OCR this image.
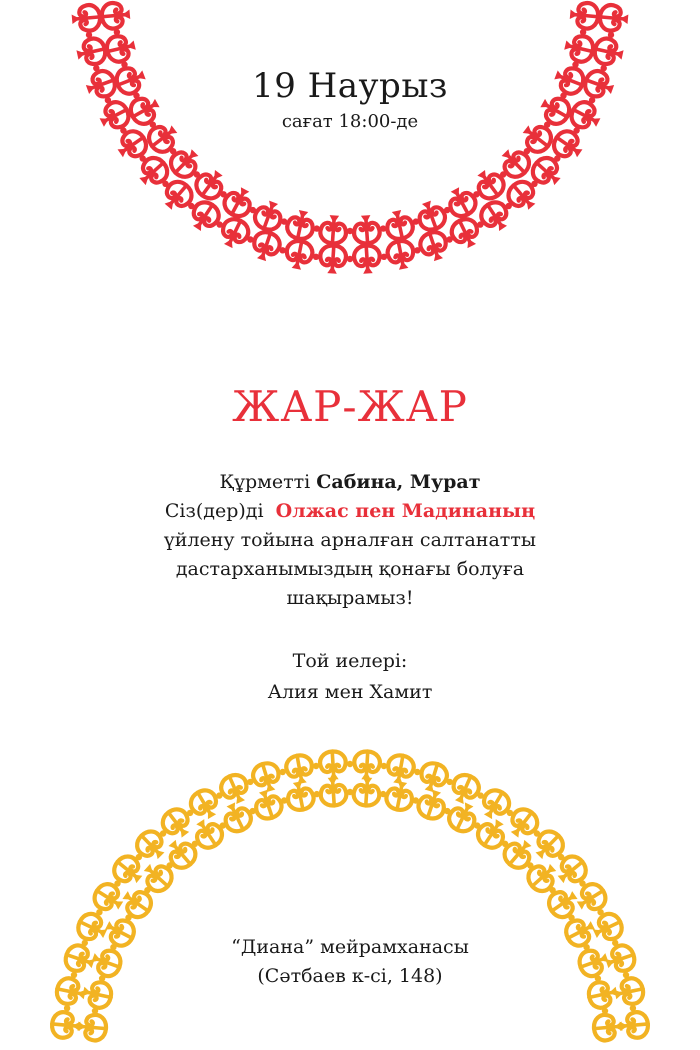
19 Наурыз
сағат 18:00-де
ЖАР-ЖАР
Құрметті Сабина, Мурат
Сіз(дер)ді  Олжас пен Мадинаның
үйлену тойына арналған салтанатты
дастарханымыздың қонағы болуға
шақырамыз!
Той иелері:
Алия мен Хамит
“Диана” мейрамханасы
(Сәтбаев к-сі, 148)
